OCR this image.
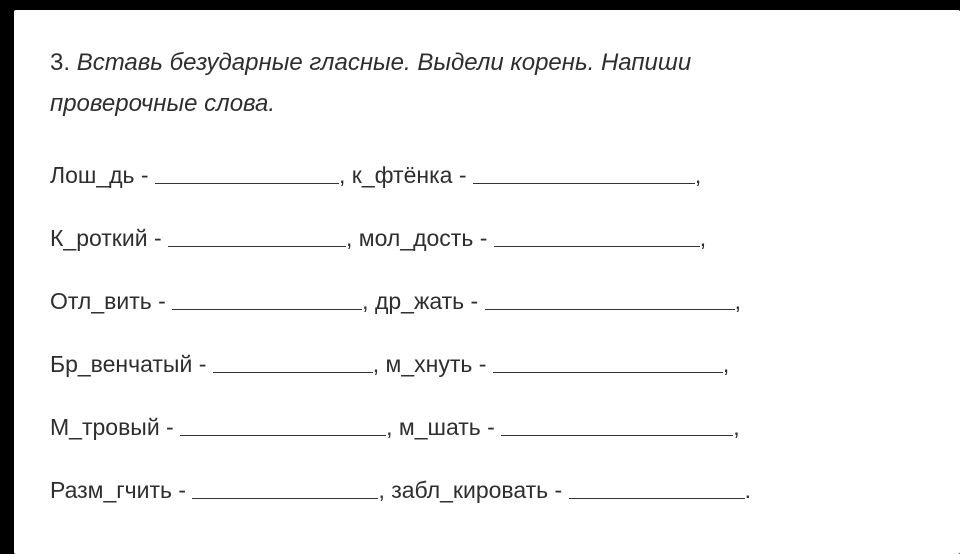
3. Вставь безударные гласные. Выдели корень. Напиши проверочные слова.

Лош_дь -	, к_фтёнка -	,
К_роткий -	, мол_дость -	,
Отл_вить -	, др_жать -	,
Бр_венчатый -	, м_хнуть -	,
М_тровый -	, м_шать -	,
Разм_гчить -	, забл_кировать -	.
